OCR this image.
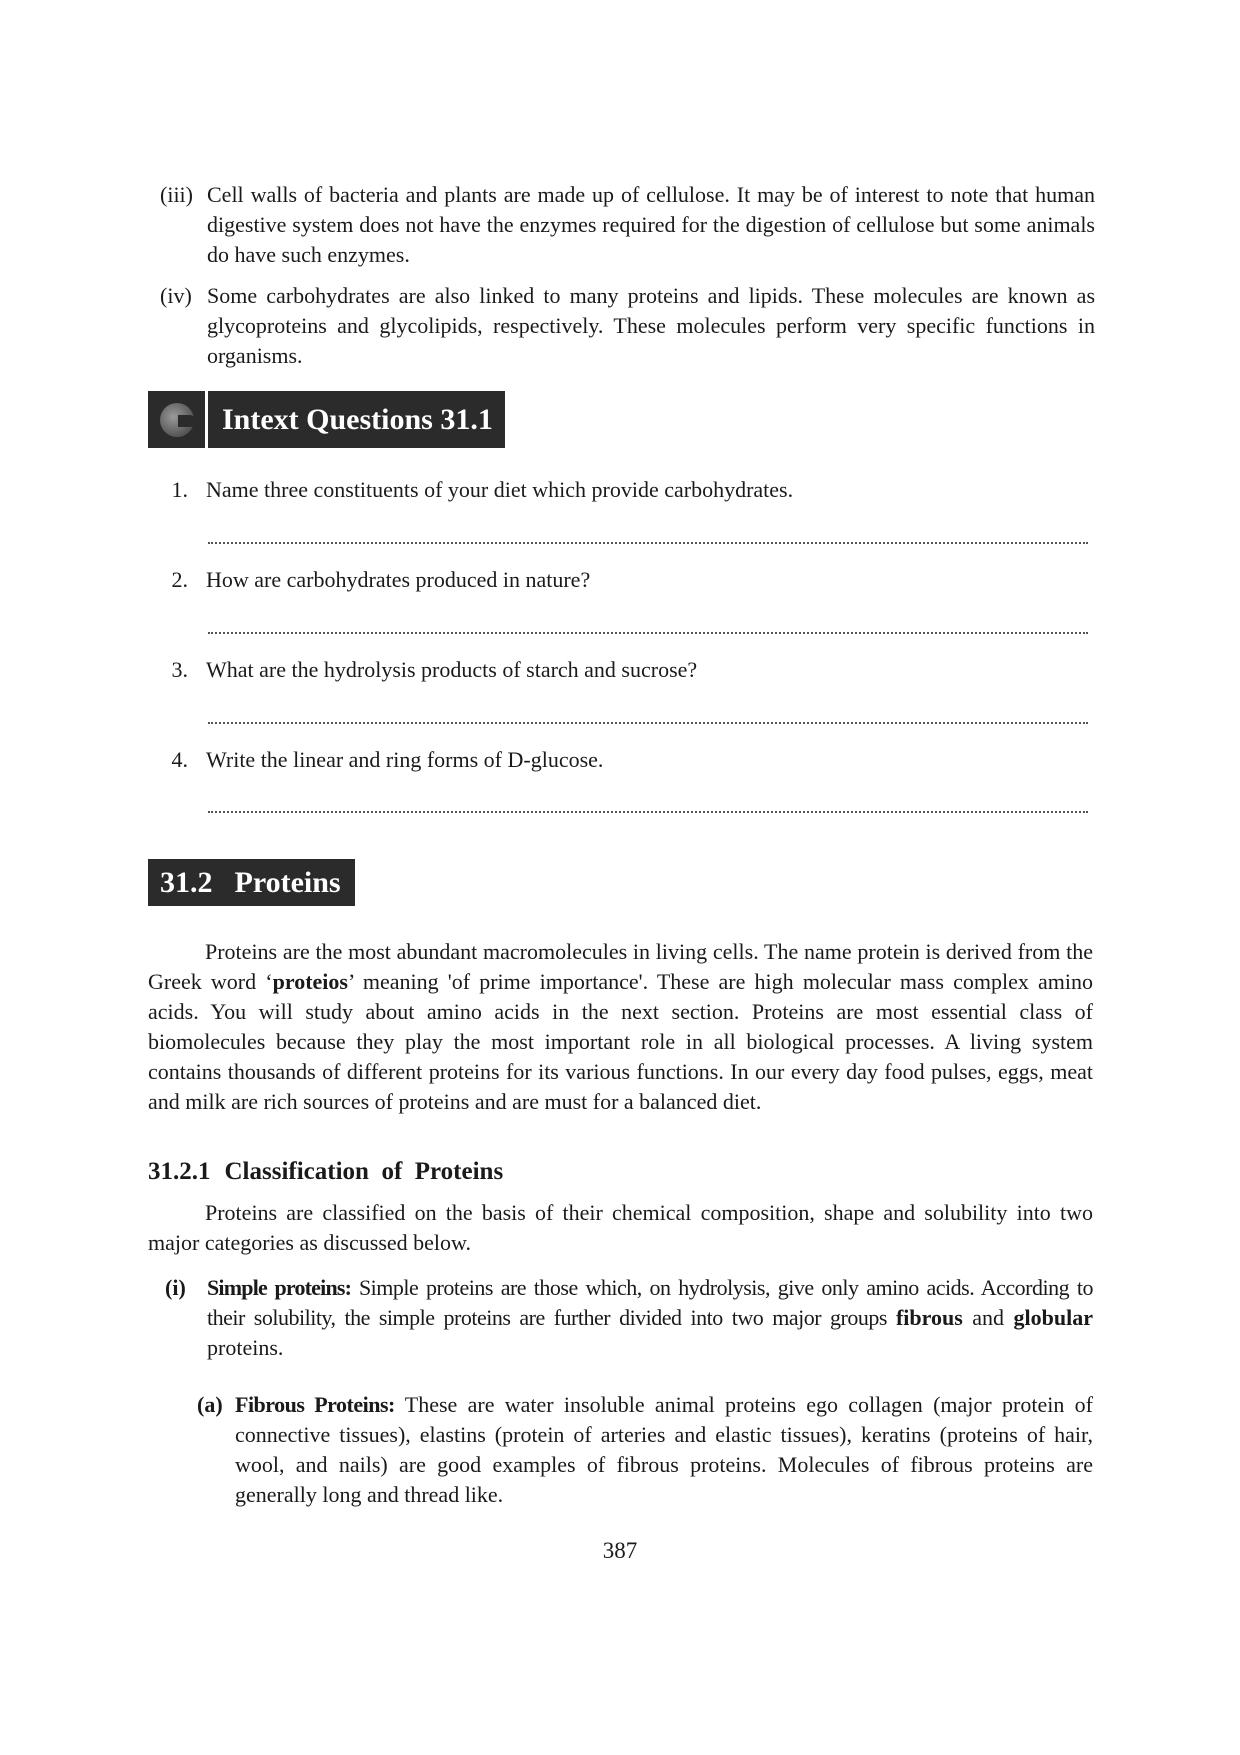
(iii) Cell walls of bacteria and plants are made up of cellulose. It may be of interest to note that human digestive system does not have the enzymes required for the digestion of cellulose but some animals do have such enzymes.
(iv) Some carbohydrates are also linked to many proteins and lipids. These molecules are known as glycoproteins and glycolipids, respectively. These molecules perform very specific functions in organisms.
Intext Questions 31.1
1. Name three constituents of your diet which provide carbohydrates.
2. How are carbohydrates produced in nature?
3. What are the hydrolysis products of starch and sucrose?
4. Write the linear and ring forms of D-glucose.
31.2 Proteins
Proteins are the most abundant macromolecules in living cells. The name protein is derived from the Greek word ‘proteios’ meaning 'of prime importance'. These are high molecular mass complex amino acids. You will study about amino acids in the next section. Proteins are most essential class of biomolecules because they play the most important role in all biological processes. A living system contains thousands of different proteins for its various functions. In our every day food pulses, eggs, meat and milk are rich sources of proteins and are must for a balanced diet.
31.2.1 Classification  of  Proteins
Proteins are classified on the basis of their chemical composition, shape and solubility into two major categories as discussed below.
(i) Simple proteins: Simple proteins are those which, on hydrolysis, give only amino acids. According to their solubility, the simple proteins are further divided into two major groups fibrous and globular proteins.
(a) Fibrous Proteins: These are water insoluble animal proteins ego collagen (major protein of connective tissues), elastins (protein of arteries and elastic tissues), keratins (proteins of hair, wool, and nails) are good examples of fibrous proteins. Molecules of fibrous proteins are generally long and thread like.
387
